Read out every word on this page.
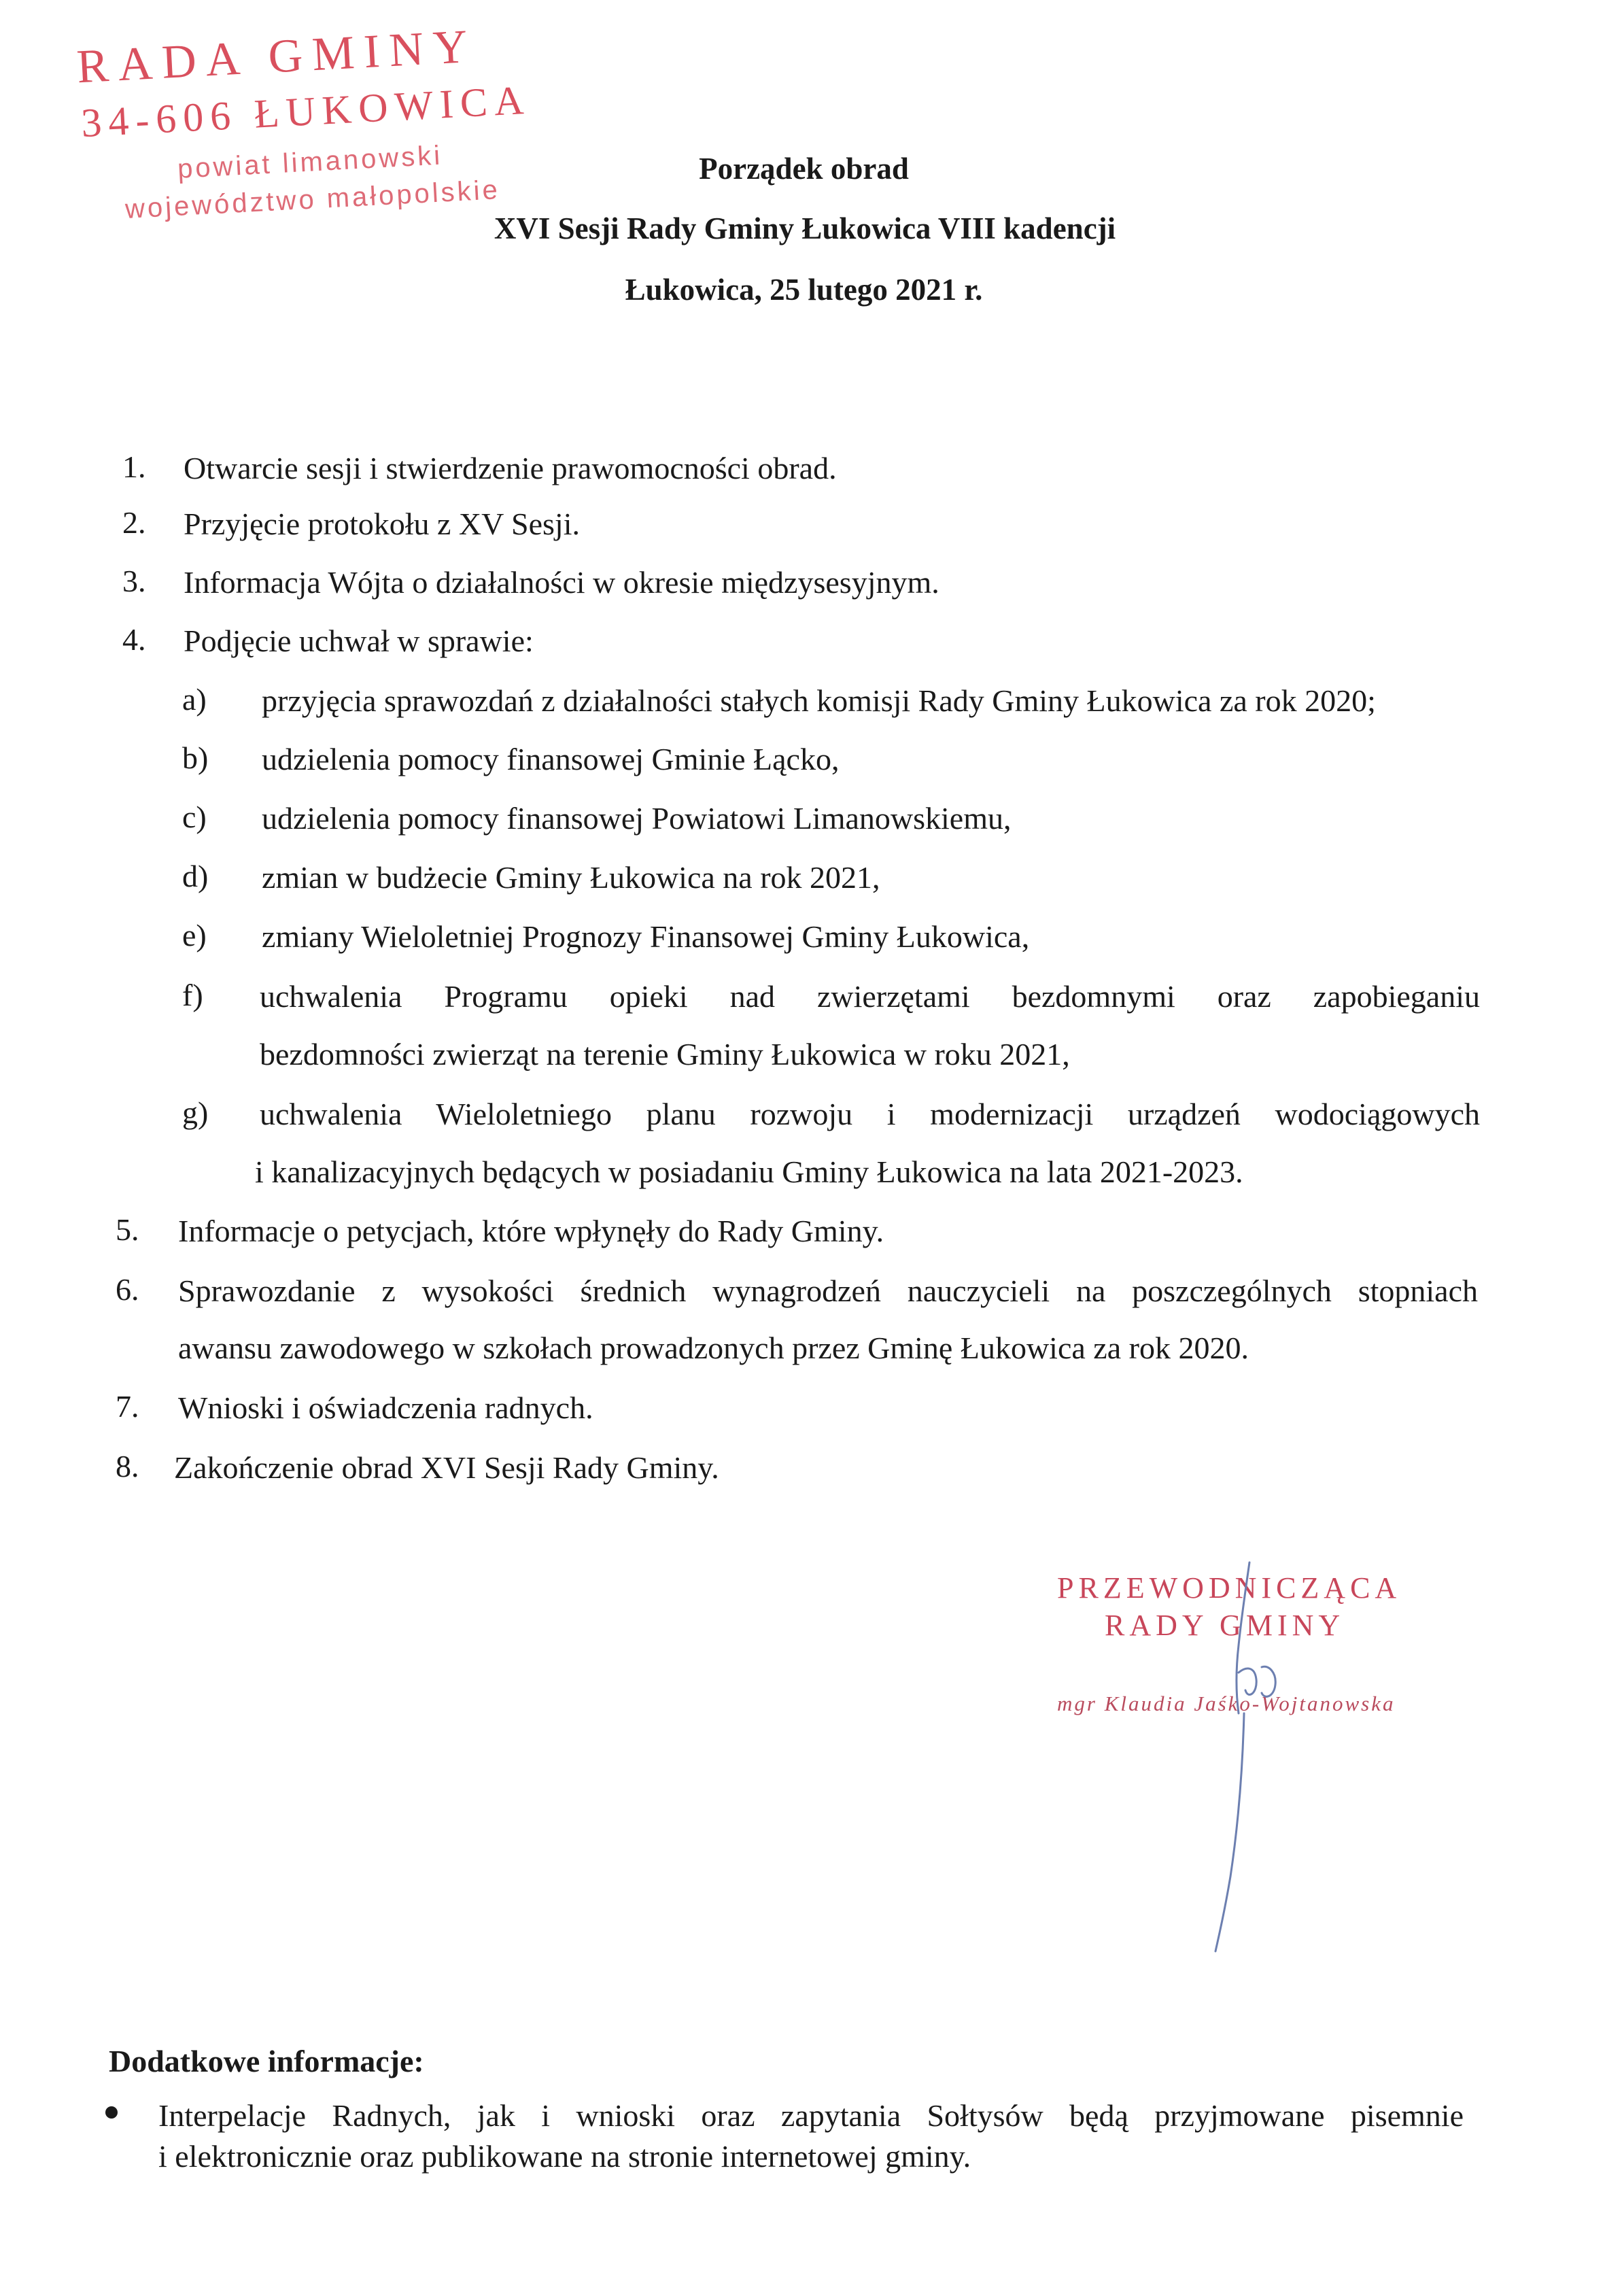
RADA GMINY
34-606 ŁUKOWICA
powiat limanowski
województwo małopolskie
Porządek obrad
XVI Sesji Rady Gminy Łukowica VIII kadencji
Łukowica, 25 lutego 2021 r.
1. Otwarcie sesji i stwierdzenie prawomocności obrad.
2. Przyjęcie protokołu z XV Sesji.
3. Informacja Wójta o działalności w okresie międzysesyjnym.
4. Podjęcie uchwał w sprawie:
a) przyjęcia sprawozdań z działalności stałych komisji Rady Gminy Łukowica za rok 2020;
b) udzielenia pomocy finansowej Gminie Łącko,
c) udzielenia pomocy finansowej Powiatowi Limanowskiemu,
d) zmian w budżecie Gminy Łukowica na rok 2021,
e) zmiany Wieloletniej Prognozy Finansowej Gminy Łukowica,
f) uchwalenia Programu opieki nad zwierzętami bezdomnymi oraz zapobieganiu
bezdomności zwierząt na terenie Gminy Łukowica w roku 2021,
g) uchwalenia Wieloletniego planu rozwoju i modernizacji urządzeń wodociągowych
i kanalizacyjnych będących w posiadaniu Gminy Łukowica na lata 2021-2023.
5. Informacje o petycjach, które wpłynęły do Rady Gminy.
6. Sprawozdanie z wysokości średnich wynagrodzeń nauczycieli na poszczególnych stopniach
awansu zawodowego w szkołach prowadzonych przez Gminę Łukowica za rok 2020.
7. Wnioski i oświadczenia radnych.
8. Zakończenie obrad XVI Sesji Rady Gminy.
PRZEWODNICZĄCA
RADY GMINY
mgr Klaudia Jaśko-Wojtanowska
Dodatkowe informacje:
Interpelacje Radnych, jak i wnioski oraz zapytania Sołtysów będą przyjmowane pisemnie
i elektronicznie oraz publikowane na stronie internetowej gminy.
